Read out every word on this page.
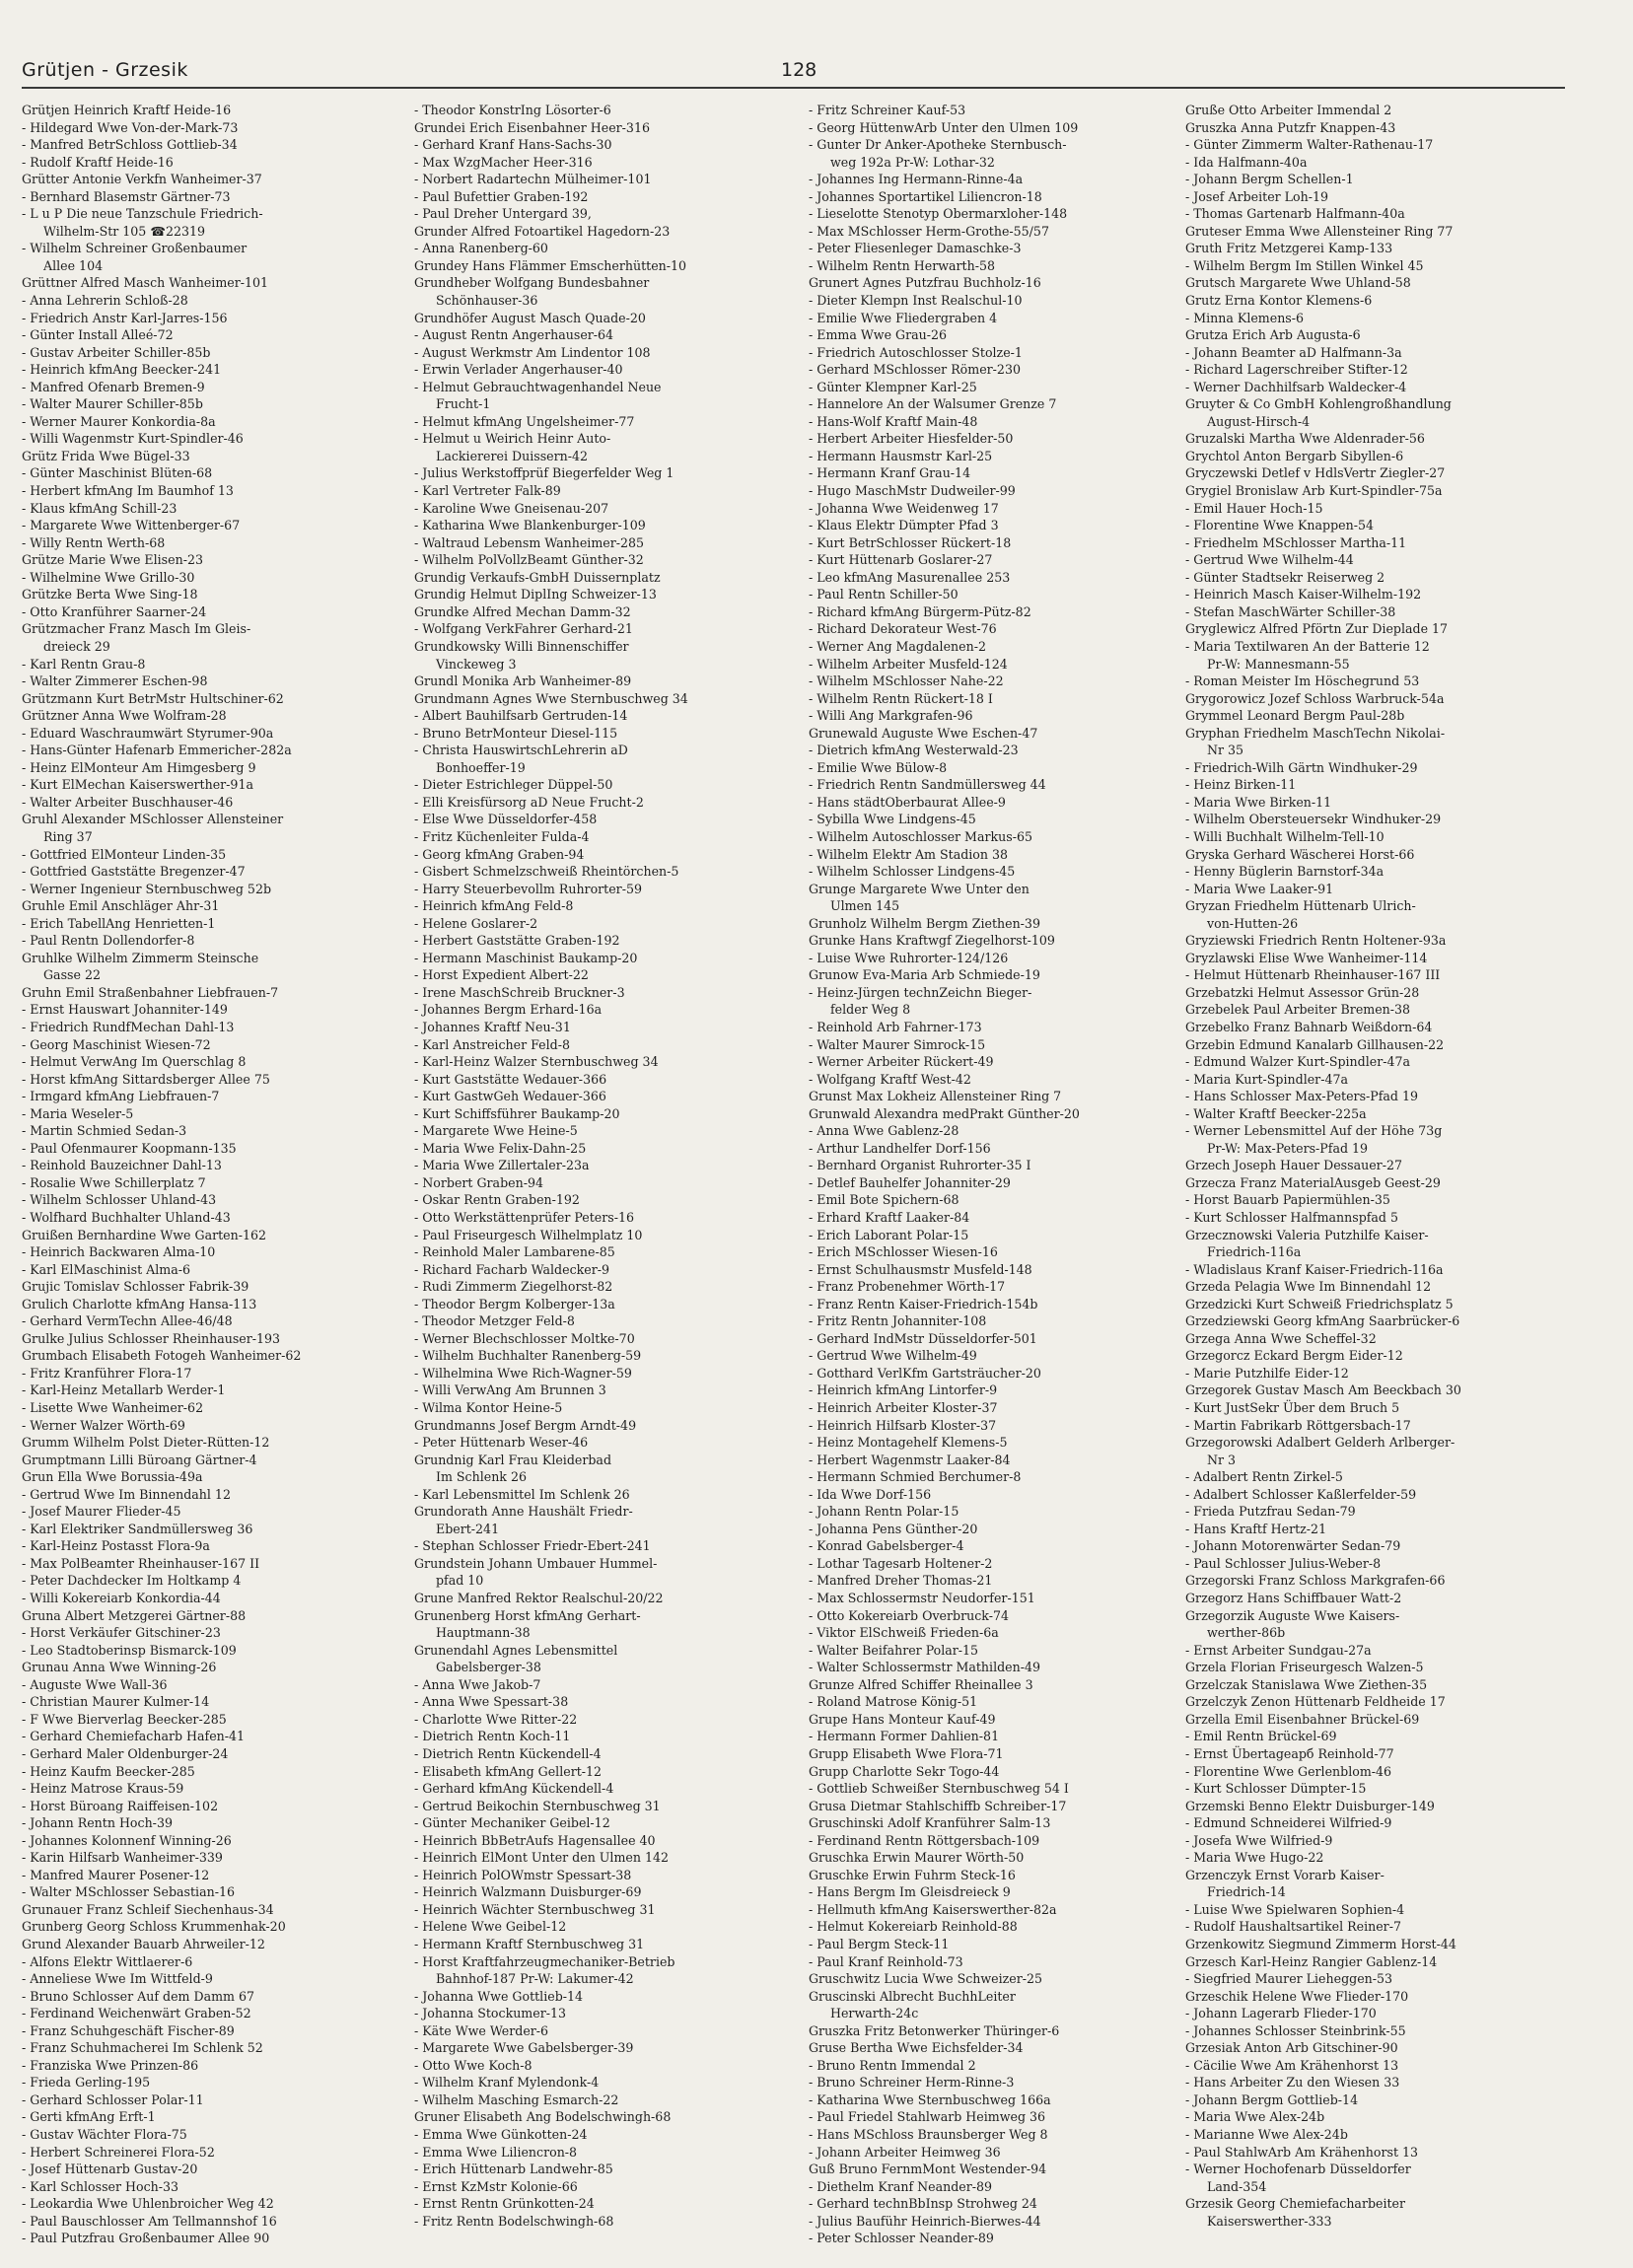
Grütjen - Grzesik	128
Grütjen Heinrich Kraftf Heide-16
- Hildegard Wwe Von-der-Mark-73
- Manfred BetrSchloss Gottlieb-34
- Rudolf Kraftf Heide-16
Grütter Antonie Verkfn Wanheimer-37
- Bernhard Blasemstr Gärtner-73
- L u P Die neue Tanzschule Friedrich-
Wilhelm-Str 105 ☎22319
- Wilhelm Schreiner Großenbaumer
Allee 104
Grüttner Alfred Masch Wanheimer-101
- Anna Lehrerin Schloß-28
- Friedrich Anstr Karl-Jarres-156
- Günter Install Alleé-72
- Gustav Arbeiter Schiller-85b
- Heinrich kfmAng Beecker-241
- Manfred Ofenarb Bremen-9
- Walter Maurer Schiller-85b
- Werner Maurer Konkordia-8a
- Willi Wagenmstr Kurt-Spindler-46
Grütz Frida Wwe Bügel-33
- Günter Maschinist Blüten-68
- Herbert kfmAng Im Baumhof 13
- Klaus kfmAng Schill-23
- Margarete Wwe Wittenberger-67
- Willy Rentn Werth-68
Grütze Marie Wwe Elisen-23
- Wilhelmine Wwe Grillo-30
Grützke Berta Wwe Sing-18
- Otto Kranführer Saarner-24
Grützmacher Franz Masch Im Gleis-
dreieck 29
- Karl Rentn Grau-8
- Walter Zimmerer Eschen-98
Grützmann Kurt BetrMstr Hultschiner-62
Grützner Anna Wwe Wolfram-28
- Eduard Waschraumwärt Styrumer-90a
- Hans-Günter Hafenarb Emmericher-282a
- Heinz ElMonteur Am Himgesberg 9
- Kurt ElMechan Kaiserswerther-91a
- Walter Arbeiter Buschhauser-46
Gruhl Alexander MSchlosser Allensteiner
Ring 37
- Gottfried ElMonteur Linden-35
- Gottfried Gaststätte Bregenzer-47
- Werner Ingenieur Sternbuschweg 52b
Gruhle Emil Anschläger Ahr-31
- Erich TabellAng Henrietten-1
- Paul Rentn Dollendorfer-8
Gruhlke Wilhelm Zimmerm Steinsche
Gasse 22
Gruhn Emil Straßenbahner Liebfrauen-7
- Ernst Hauswart Johanniter-149
- Friedrich RundfMechan Dahl-13
- Georg Maschinist Wiesen-72
- Helmut VerwAng Im Querschlag 8
- Horst kfmAng Sittardsberger Allee 75
- Irmgard kfmAng Liebfrauen-7
- Maria Weseler-5
- Martin Schmied Sedan-3
- Paul Ofenmaurer Koopmann-135
- Reinhold Bauzeichner Dahl-13
- Rosalie Wwe Schillerplatz 7
- Wilhelm Schlosser Uhland-43
- Wolfhard Buchhalter Uhland-43
Gruißen Bernhardine Wwe Garten-162
- Heinrich Backwaren Alma-10
- Karl ElMaschinist Alma-6
Grujic Tomislav Schlosser Fabrik-39
Grulich Charlotte kfmAng Hansa-113
- Gerhard VermTechn Allee-46/48
Grulke Julius Schlosser Rheinhauser-193
Grumbach Elisabeth Fotogeh Wanheimer-62
- Fritz Kranführer Flora-17
- Karl-Heinz Metallarb Werder-1
- Lisette Wwe Wanheimer-62
- Werner Walzer Wörth-69
Grumm Wilhelm Polst Dieter-Rütten-12
Grumptmann Lilli Büroang Gärtner-4
Grun Ella Wwe Borussia-49a
- Gertrud Wwe Im Binnendahl 12
- Josef Maurer Flieder-45
- Karl Elektriker Sandmüllersweg 36
- Karl-Heinz Postasst Flora-9a
- Max PolBeamter Rheinhauser-167 II
- Peter Dachdecker Im Holtkamp 4
- Willi Kokereiarb Konkordia-44
Gruna Albert Metzgerei Gärtner-88
- Horst Verkäufer Gitschiner-23
- Leo Stadtoberinsp Bismarck-109
Grunau Anna Wwe Winning-26
- Auguste Wwe Wall-36
- Christian Maurer Kulmer-14
- F Wwe Bierverlag Beecker-285
- Gerhard Chemiefacharb Hafen-41
- Gerhard Maler Oldenburger-24
- Heinz Kaufm Beecker-285
- Heinz Matrose Kraus-59
- Horst Büroang Raiffeisen-102
- Johann Rentn Hoch-39
- Johannes Kolonnenf Winning-26
- Karin Hilfsarb Wanheimer-339
- Manfred Maurer Posener-12
- Walter MSchlosser Sebastian-16
Grunauer Franz Schleif Siechenhaus-34
Grunberg Georg Schloss Krummenhak-20
Grund Alexander Bauarb Ahrweiler-12
- Alfons Elektr Wittlaerer-6
- Anneliese Wwe Im Wittfeld-9
- Bruno Schlosser Auf dem Damm 67
- Ferdinand Weichenwärt Graben-52
- Franz Schuhgeschäft Fischer-89
- Franz Schuhmacherei Im Schlenk 52
- Franziska Wwe Prinzen-86
- Frieda Gerling-195
- Gerhard Schlosser Polar-11
- Gerti kfmAng Erft-1
- Gustav Wächter Flora-75
- Herbert Schreinerei Flora-52
- Josef Hüttenarb Gustav-20
- Karl Schlosser Hoch-33
- Leokardia Wwe Uhlenbroicher Weg 42
- Paul Bauschlosser Am Tellmannshof 16
- Paul Putzfrau Großenbaumer Allee 90
- Theodor KonstrIng Lösorter-6
Grundei Erich Eisenbahner Heer-316
- Gerhard Kranf Hans-Sachs-30
- Max WzgMacher Heer-316
- Norbert Radartechn Mülheimer-101
- Paul Bufettier Graben-192
- Paul Dreher Untergard 39,
Grunder Alfred Fotoartikel Hagedorn-23
- Anna Ranenberg-60
Grundey Hans Flämmer Emscherhütten-10
Grundheber Wolfgang Bundesbahner
Schönhauser-36
Grundhöfer August Masch Quade-20
- August Rentn Angerhauser-64
- August Werkmstr Am Lindentor 108
- Erwin Verlader Angerhauser-40
- Helmut Gebrauchtwagenhandel Neue
Frucht-1
- Helmut kfmAng Ungelsheimer-77
- Helmut u Weirich Heinr Auto-
Lackiererei Duissern-42
- Julius Werkstoffprüf Biegerfelder Weg 1
- Karl Vertreter Falk-89
- Karoline Wwe Gneisenau-207
- Katharina Wwe Blankenburger-109
- Waltraud Lebensm Wanheimer-285
- Wilhelm PolVollzBeamt Günther-32
Grundig Verkaufs-GmbH Duissernplatz
Grundig Helmut DiplIng Schweizer-13
Grundke Alfred Mechan Damm-32
- Wolfgang VerkFahrer Gerhard-21
Grundkowsky Willi Binnenschiffer
Vinckeweg 3
Grundl Monika Arb Wanheimer-89
Grundmann Agnes Wwe Sternbuschweg 34
- Albert Bauhilfsarb Gertruden-14
- Bruno BetrMonteur Diesel-115
- Christa HauswirtschLehrerin aD
Bonhoeffer-19
- Dieter Estrichleger Düppel-50
- Elli Kreisfürsorg aD Neue Frucht-2
- Else Wwe Düsseldorfer-458
- Fritz Küchenleiter Fulda-4
- Georg kfmAng Graben-94
- Gisbert Schmelzschweiß Rheintörchen-5
- Harry Steuerbevollm Ruhrorter-59
- Heinrich kfmAng Feld-8
- Helene Goslarer-2
- Herbert Gaststätte Graben-192
- Hermann Maschinist Baukamp-20
- Horst Expedient Albert-22
- Irene MaschSchreib Bruckner-3
- Johannes Bergm Erhard-16a
- Johannes Kraftf Neu-31
- Karl Anstreicher Feld-8
- Karl-Heinz Walzer Sternbuschweg 34
- Kurt Gaststätte Wedauer-366
- Kurt GastwGeh Wedauer-366
- Kurt Schiffsführer Baukamp-20
- Margarete Wwe Heine-5
- Maria Wwe Felix-Dahn-25
- Maria Wwe Zillertaler-23a
- Norbert Graben-94
- Oskar Rentn Graben-192
- Otto Werkstättenprüfer Peters-16
- Paul Friseurgesch Wilhelmplatz 10
- Reinhold Maler Lambarene-85
- Richard Facharb Waldecker-9
- Rudi Zimmerm Ziegelhorst-82
- Theodor Bergm Kolberger-13a
- Theodor Metzger Feld-8
- Werner Blechschlosser Moltke-70
- Wilhelm Buchhalter Ranenberg-59
- Wilhelmina Wwe Rich-Wagner-59
- Willi VerwAng Am Brunnen 3
- Wilma Kontor Heine-5
Grundmanns Josef Bergm Arndt-49
- Peter Hüttenarb Weser-46
Grundnig Karl Frau Kleiderbad
Im Schlenk 26
- Karl Lebensmittel Im Schlenk 26
Grundorath Anne Haushält Friedr-
Ebert-241
- Stephan Schlosser Friedr-Ebert-241
Grundstein Johann Umbauer Hummel-
pfad 10
Grune Manfred Rektor Realschul-20/22
Grunenberg Horst kfmAng Gerhart-
Hauptmann-38
Grunendahl Agnes Lebensmittel
Gabelsberger-38
- Anna Wwe Jakob-7
- Anna Wwe Spessart-38
- Charlotte Wwe Ritter-22
- Dietrich Rentn Koch-11
- Dietrich Rentn Kückendell-4
- Elisabeth kfmAng Gellert-12
- Gerhard kfmAng Kückendell-4
- Gertrud Beikochin Sternbuschweg 31
- Günter Mechaniker Geibel-12
- Heinrich BbBetrAufs Hagensallee 40
- Heinrich ElMont Unter den Ulmen 142
- Heinrich PolOWmstr Spessart-38
- Heinrich Walzmann Duisburger-69
- Heinrich Wächter Sternbuschweg 31
- Helene Wwe Geibel-12
- Hermann Kraftf Sternbuschweg 31
- Horst Kraftfahrzeugmechaniker-Betrieb
Bahnhof-187 Pr-W: Lakumer-42
- Johanna Wwe Gottlieb-14
- Johanna Stockumer-13
- Käte Wwe Werder-6
- Margarete Wwe Gabelsberger-39
- Otto Wwe Koch-8
- Wilhelm Kranf Mylendonk-4
- Wilhelm Masching Esmarch-22
Gruner Elisabeth Ang Bodelschwingh-68
- Emma Wwe Günkotten-24
- Emma Wwe Liliencron-8
- Erich Hüttenarb Landwehr-85
- Ernst KzMstr Kolonie-66
- Ernst Rentn Grünkotten-24
- Fritz Rentn Bodelschwingh-68
- Fritz Schreiner Kauf-53
- Georg HüttenwArb Unter den Ulmen 109
- Gunter Dr Anker-Apotheke Sternbusch-
weg 192a Pr-W: Lothar-32
- Johannes Ing Hermann-Rinne-4a
- Johannes Sportartikel Liliencron-18
- Lieselotte Stenotyp Obermarxloher-148
- Max MSchlosser Herm-Grothe-55/57
- Peter Fliesenleger Damaschke-3
- Wilhelm Rentn Herwarth-58
Grunert Agnes Putzfrau Buchholz-16
- Dieter Klempn Inst Realschul-10
- Emilie Wwe Fliedergraben 4
- Emma Wwe Grau-26
- Friedrich Autoschlosser Stolze-1
- Gerhard MSchlosser Römer-230
- Günter Klempner Karl-25
- Hannelore An der Walsumer Grenze 7
- Hans-Wolf Kraftf Main-48
- Herbert Arbeiter Hiesfelder-50
- Hermann Hausmstr Karl-25
- Hermann Kranf Grau-14
- Hugo MaschMstr Dudweiler-99
- Johanna Wwe Weidenweg 17
- Klaus Elektr Dümpter Pfad 3
- Kurt BetrSchlosser Rückert-18
- Kurt Hüttenarb Goslarer-27
- Leo kfmAng Masurenallee 253
- Paul Rentn Schiller-50
- Richard kfmAng Bürgerm-Pütz-82
- Richard Dekorateur West-76
- Werner Ang Magdalenen-2
- Wilhelm Arbeiter Musfeld-124
- Wilhelm MSchlosser Nahe-22
- Wilhelm Rentn Rückert-18 I
- Willi Ang Markgrafen-96
Grunewald Auguste Wwe Eschen-47
- Dietrich kfmAng Westerwald-23
- Emilie Wwe Bülow-8
- Friedrich Rentn Sandmüllersweg 44
- Hans städtOberbaurat Allee-9
- Sybilla Wwe Lindgens-45
- Wilhelm Autoschlosser Markus-65
- Wilhelm Elektr Am Stadion 38
- Wilhelm Schlosser Lindgens-45
Grunge Margarete Wwe Unter den
Ulmen 145
Grunholz Wilhelm Bergm Ziethen-39
Grunke Hans Kraftwgf Ziegelhorst-109
- Luise Wwe Ruhrorter-124/126
Grunow Eva-Maria Arb Schmiede-19
- Heinz-Jürgen technZeichn Bieger-
felder Weg 8
- Reinhold Arb Fahrner-173
- Walter Maurer Simrock-15
- Werner Arbeiter Rückert-49
- Wolfgang Kraftf West-42
Grunst Max Lokheiz Allensteiner Ring 7
Grunwald Alexandra medPrakt Günther-20
- Anna Wwe Gablenz-28
- Arthur Landhelfer Dorf-156
- Bernhard Organist Ruhrorter-35 I
- Detlef Bauhelfer Johanniter-29
- Emil Bote Spichern-68
- Erhard Kraftf Laaker-84
- Erich Laborant Polar-15
- Erich MSchlosser Wiesen-16
- Ernst Schulhausmstr Musfeld-148
- Franz Probenehmer Wörth-17
- Franz Rentn Kaiser-Friedrich-154b
- Fritz Rentn Johanniter-108
- Gerhard IndMstr Düsseldorfer-501
- Gertrud Wwe Wilhelm-49
- Gotthard VerlKfm Gartsträucher-20
- Heinrich kfmAng Lintorfer-9
- Heinrich Arbeiter Kloster-37
- Heinrich Hilfsarb Kloster-37
- Heinz Montagehelf Klemens-5
- Herbert Wagenmstr Laaker-84
- Hermann Schmied Berchumer-8
- Ida Wwe Dorf-156
- Johann Rentn Polar-15
- Johanna Pens Günther-20
- Konrad Gabelsberger-4
- Lothar Tagesarb Holtener-2
- Manfred Dreher Thomas-21
- Max Schlossermstr Neudorfer-151
- Otto Kokereiarb Overbruck-74
- Viktor ElSchweiß Frieden-6a
- Walter Beifahrer Polar-15
- Walter Schlossermstr Mathilden-49
Grunze Alfred Schiffer Rheinallee 3
- Roland Matrose König-51
Grupe Hans Monteur Kauf-49
- Hermann Former Dahlien-81
Grupp Elisabeth Wwe Flora-71
Grupp Charlotte Sekr Togo-44
- Gottlieb Schweißer Sternbuschweg 54 I
Grusa Dietmar Stahlschiffb Schreiber-17
Gruschinski Adolf Kranführer Salm-13
- Ferdinand Rentn Röttgersbach-109
Gruschka Erwin Maurer Wörth-50
Gruschke Erwin Fuhrm Steck-16
- Hans Bergm Im Gleisdreieck 9
- Hellmuth kfmAng Kaiserswerther-82a
- Helmut Kokereiarb Reinhold-88
- Paul Bergm Steck-11
- Paul Kranf Reinhold-73
Gruschwitz Lucia Wwe Schweizer-25
Gruscinski Albrecht BuchhLeiter
Herwarth-24c
Gruszka Fritz Betonwerker Thüringer-6
Gruse Bertha Wwe Eichsfelder-34
- Bruno Rentn Immendal 2
- Bruno Schreiner Herm-Rinne-3
- Katharina Wwe Sternbuschweg 166a
- Paul Friedel Stahlwarb Heimweg 36
- Hans MSchloss Braunsberger Weg 8
- Johann Arbeiter Heimweg 36
Guß Bruno FernmMont Westender-94
- Diethelm Kranf Neander-89
- Gerhard technBbInsp Strohweg 24
- Julius Bauführ Heinrich-Bierwes-44
- Peter Schlosser Neander-89
Gruße Otto Arbeiter Immendal 2
Gruszka Anna Putzfr Knappen-43
- Günter Zimmerm Walter-Rathenau-17
- Ida Halfmann-40a
- Johann Bergm Schellen-1
- Josef Arbeiter Loh-19
- Thomas Gartenarb Halfmann-40a
Gruteser Emma Wwe Allensteiner Ring 77
Gruth Fritz Metzgerei Kamp-133
- Wilhelm Bergm Im Stillen Winkel 45
Grutsch Margarete Wwe Uhland-58
Grutz Erna Kontor Klemens-6
- Minna Klemens-6
Grutza Erich Arb Augusta-6
- Johann Beamter aD Halfmann-3a
- Richard Lagerschreiber Stifter-12
- Werner Dachhilfsarb Waldecker-4
Gruyter & Co GmbH Kohlengroßhandlung
August-Hirsch-4
Gruzalski Martha Wwe Aldenrader-56
Grychtol Anton Bergarb Sibyllen-6
Gryczewski Detlef v HdlsVertr Ziegler-27
Grygiel Bronislaw Arb Kurt-Spindler-75a
- Emil Hauer Hoch-15
- Florentine Wwe Knappen-54
- Friedhelm MSchlosser Martha-11
- Gertrud Wwe Wilhelm-44
- Günter Stadtsekr Reiserweg 2
- Heinrich Masch Kaiser-Wilhelm-192
- Stefan MaschWärter Schiller-38
Gryglewicz Alfred Pförtn Zur Dieplade 17
- Maria Textilwaren An der Batterie 12
Pr-W: Mannesmann-55
- Roman Meister Im Höschegrund 53
Grygorowicz Jozef Schloss Warbruck-54a
Grymmel Leonard Bergm Paul-28b
Gryphan Friedhelm MaschTechn Nikolai-
Nr 35
- Friedrich-Wilh Gärtn Windhuker-29
- Heinz Birken-11
- Maria Wwe Birken-11
- Wilhelm Obersteuersekr Windhuker-29
- Willi Buchhalt Wilhelm-Tell-10
Gryska Gerhard Wäscherei Horst-66
- Henny Büglerin Barnstorf-34a
- Maria Wwe Laaker-91
Gryzan Friedhelm Hüttenarb Ulrich-
von-Hutten-26
Gryziewski Friedrich Rentn Holtener-93a
Gryzlawski Elise Wwe Wanheimer-114
- Helmut Hüttenarb Rheinhauser-167 III
Grzebatzki Helmut Assessor Grün-28
Grzebelek Paul Arbeiter Bremen-38
Grzebelko Franz Bahnarb Weißdorn-64
Grzebin Edmund Kanalarb Gillhausen-22
- Edmund Walzer Kurt-Spindler-47a
- Maria Kurt-Spindler-47a
- Hans Schlosser Max-Peters-Pfad 19
- Walter Kraftf Beecker-225a
- Werner Lebensmittel Auf der Höhe 73g
Pr-W: Max-Peters-Pfad 19
Grzech Joseph Hauer Dessauer-27
Grzecza Franz MaterialAusgeb Geest-29
- Horst Bauarb Papiermühlen-35
- Kurt Schlosser Halfmannspfad 5
Grzecznowski Valeria Putzhilfe Kaiser-
Friedrich-116a
- Wladislaus Kranf Kaiser-Friedrich-116a
Grzeda Pelagia Wwe Im Binnendahl 12
Grzedzicki Kurt Schweiß Friedrichsplatz 5
Grzedziewski Georg kfmAng Saarbrücker-6
Grzega Anna Wwe Scheffel-32
Grzegorcz Eckard Bergm Eider-12
- Marie Putzhilfe Eider-12
Grzegorek Gustav Masch Am Beeckbach 30
- Kurt JustSekr Über dem Bruch 5
- Martin Fabrikarb Röttgersbach-17
Grzegorowski Adalbert Gelderh Arlberger-
Nr 3
- Adalbert Rentn Zirkel-5
- Adalbert Schlosser Kaßlerfelder-59
- Frieda Putzfrau Sedan-79
- Hans Kraftf Hertz-21
- Johann Motorenwärter Sedan-79
- Paul Schlosser Julius-Weber-8
Grzegorski Franz Schloss Markgrafen-66
Grzegorz Hans Schiffbauer Watt-2
Grzegorzik Auguste Wwe Kaisers-
werther-86b
- Ernst Arbeiter Sundgau-27a
Grzela Florian Friseurgesch Walzen-5
Grzelczak Stanislawa Wwe Ziethen-35
Grzelczyk Zenon Hüttenarb Feldheide 17
Grzella Emil Eisenbahner Brückel-69
- Emil Rentn Brückel-69
- Ernst Übertageарб Reinhold-77
- Florentine Wwe Gerlenblom-46
- Kurt Schlosser Dümpter-15
Grzemski Benno Elektr Duisburger-149
- Edmund Schneiderei Wilfried-9
- Josefa Wwe Wilfried-9
- Maria Wwe Hugo-22
Grzenczyk Ernst Vorarb Kaiser-
Friedrich-14
- Luise Wwe Spielwaren Sophien-4
- Rudolf Haushaltsartikel Reiner-7
Grzenkowitz Siegmund Zimmerm Horst-44
Grzesch Karl-Heinz Rangier Gablenz-14
- Siegfried Maurer Lieheggen-53
Grzeschik Helene Wwe Flieder-170
- Johann Lagerarb Flieder-170
- Johannes Schlosser Steinbrink-55
Grzesiak Anton Arb Gitschiner-90
- Cäcilie Wwe Am Krähenhorst 13
- Hans Arbeiter Zu den Wiesen 33
- Johann Bergm Gottlieb-14
- Maria Wwe Alex-24b
- Marianne Wwe Alex-24b
- Paul StahlwArb Am Krähenhorst 13
- Werner Hochofenarb Düsseldorfer
Land-354
Grzesik Georg Chemiefacharbeiter
Kaiserswerther-333
